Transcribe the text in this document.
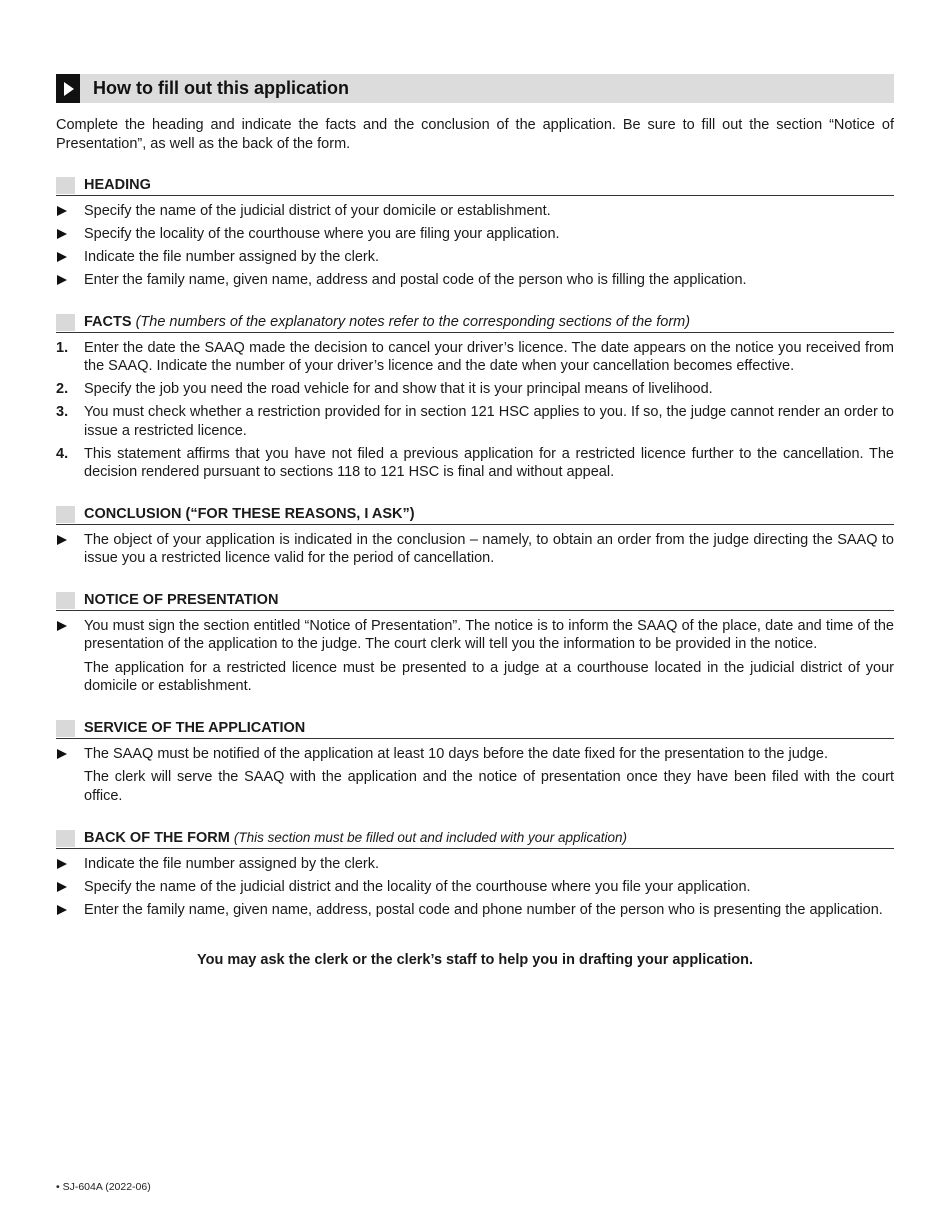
How to fill out this application
Complete the heading and indicate the facts and the conclusion of the application. Be sure to fill out the section “Notice of Presentation”, as well as the back of the form.
HEADING
Specify the name of the judicial district of your domicile or establishment.
Specify the locality of the courthouse where you are filing your application.
Indicate the file number assigned by the clerk.
Enter the family name, given name, address and postal code of the person who is filling the application.
FACTS (The numbers of the explanatory notes refer to the corresponding sections of the form)
1.	Enter the date the SAAQ made the decision to cancel your driver’s licence. The date appears on the notice you received from the SAAQ. Indicate the number of your driver’s licence and the date when your cancellation becomes effective.
2.	Specify the job you need the road vehicle for and show that it is your principal means of livelihood.
3.	You must check whether a restriction provided for in section 121 HSC applies to you. If so, the judge cannot render an order to issue a restricted licence.
4.	This statement affirms that you have not filed a previous application for a restricted licence further to the cancellation. The decision rendered pursuant to sections 118 to 121 HSC is final and without appeal.
CONCLUSION (“FOR THESE REASONS, I ASK”)
The object of your application is indicated in the conclusion – namely, to obtain an order from the judge directing the SAAQ to issue you a restricted licence valid for the period of cancellation.
NOTICE OF PRESENTATION
You must sign the section entitled “Notice of Presentation”. The notice is to inform the SAAQ of the place, date and time of the presentation of the application to the judge. The court clerk will tell you the information to be provided in the notice.
The application for a restricted licence must be presented to a judge at a courthouse located in the judicial district of your domicile or establishment.
SERVICE OF THE APPLICATION
The SAAQ must be notified of the application at least 10 days before the date fixed for the presentation to the judge.
The clerk will serve the SAAQ with the application and the notice of presentation once they have been filed with the court office.
BACK OF THE FORM (This section must be filled out and included with your application)
Indicate the file number assigned by the clerk.
Specify the name of the judicial district and the locality of the courthouse where you file your application.
Enter the family name, given name, address, postal code and phone number of the person who is presenting the application.
You may ask the clerk or the clerk’s staff to help you in drafting your application.
• SJ-604A (2022-06)
